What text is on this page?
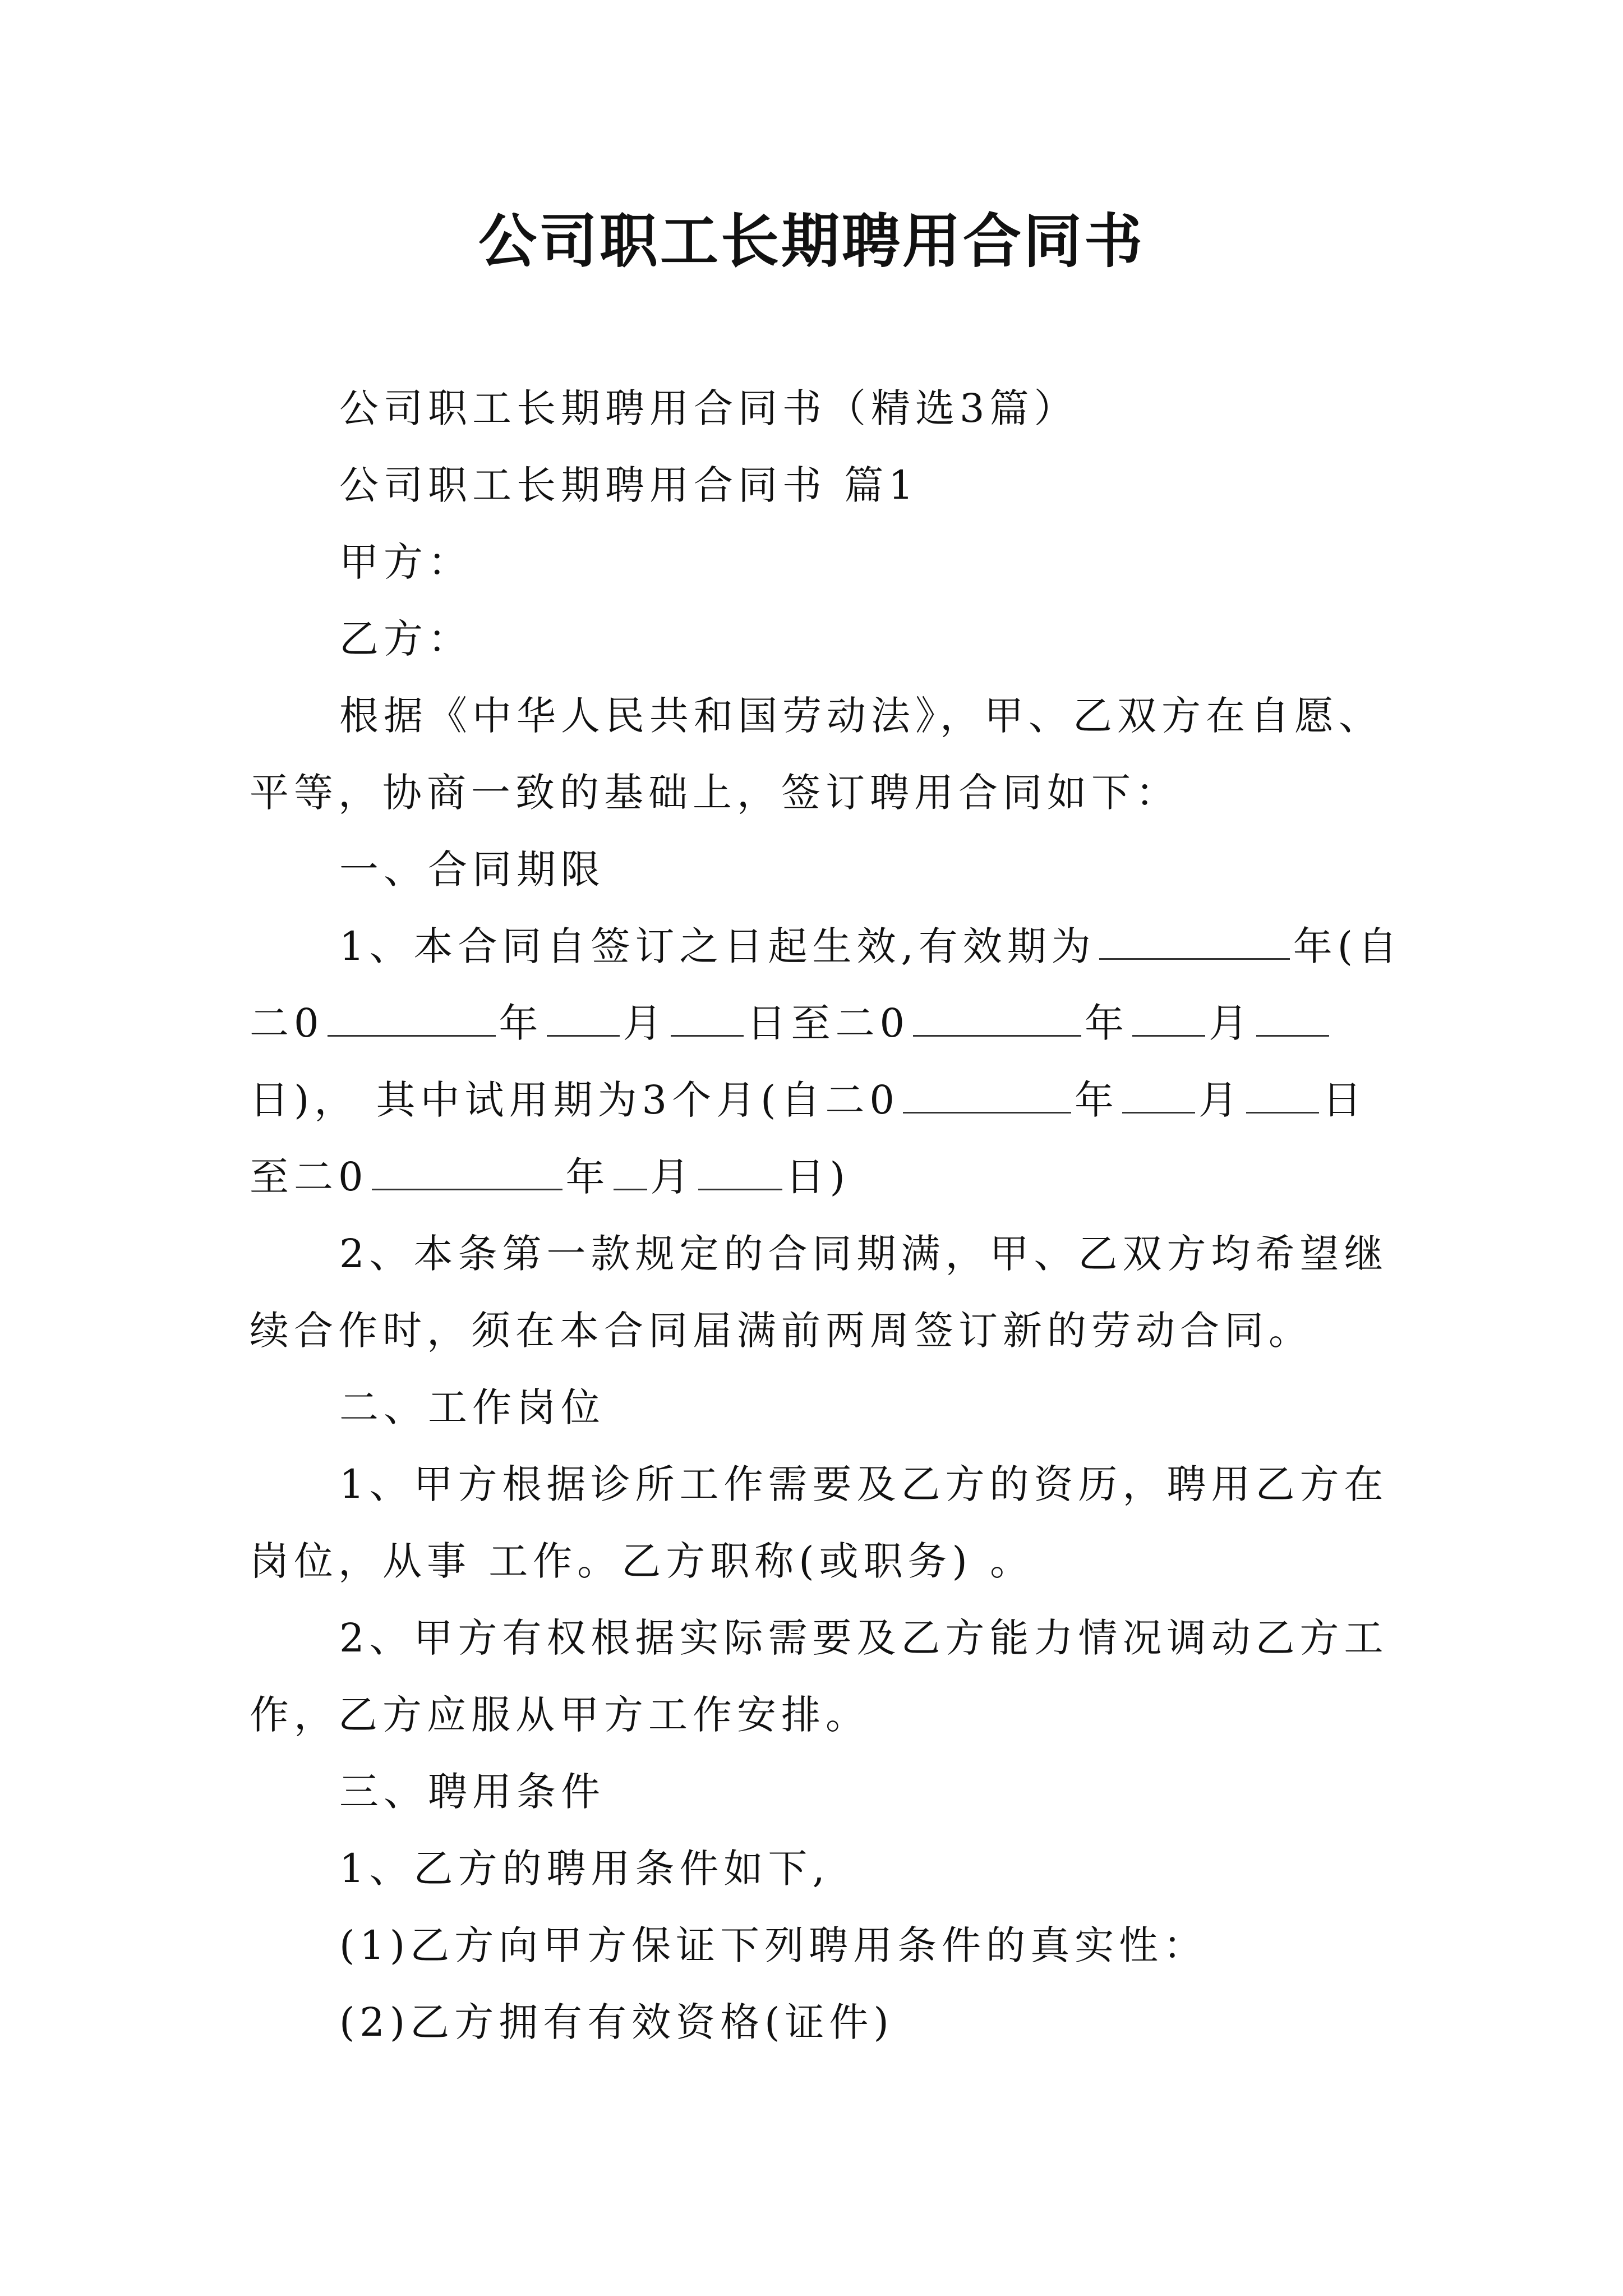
公司职工长期聘用合同书

公司职工长期聘用合同书（精选3篇）

公司职工长期聘用合同书 篇1

甲方：

乙方：

根据《中华人民共和国劳动法》，甲、乙双方在自愿、

平等，协商一致的基础上，签订聘用合同如下：

一、合同期限

1、本合同自签订之日起生效,有效期为	年(自

二0	年 月 日至二0	年 月

日)， 其中试用期为3个月(自二0	年 月 日

至二0	年 月 日)

2、本条第一款规定的合同期满，甲、乙双方均希望继

续合作时，须在本合同届满前两周签订新的劳动合同。

二、工作岗位

1、甲方根据诊所工作需要及乙方的资历，聘用乙方在

岗位，从事 工作。乙方职称(或职务) 。

2、甲方有权根据实际需要及乙方能力情况调动乙方工

作，乙方应服从甲方工作安排。

三、聘用条件

1、乙方的聘用条件如下,

(1)乙方向甲方保证下列聘用条件的真实性：

(2)乙方拥有有效资格(证件)
